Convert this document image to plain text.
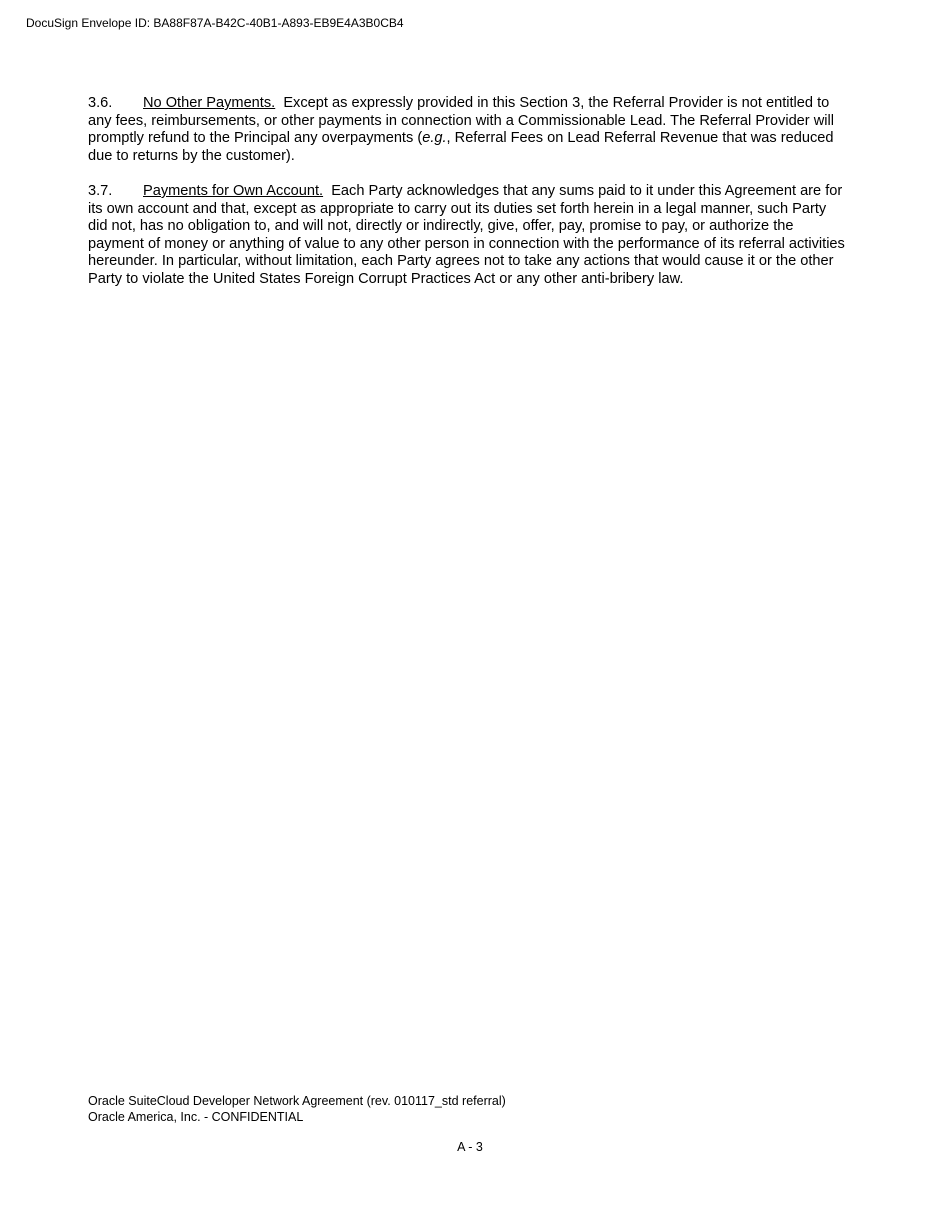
DocuSign Envelope ID: BA88F87A-B42C-40B1-A893-EB9E4A3B0CB4

3.6. No Other Payments. Except as expressly provided in this Section 3, the Referral Provider is not entitled to any fees, reimbursements, or other payments in connection with a Commissionable Lead. The Referral Provider will promptly refund to the Principal any overpayments (e.g., Referral Fees on Lead Referral Revenue that was reduced due to returns by the customer).

3.7. Payments for Own Account. Each Party acknowledges that any sums paid to it under this Agreement are for its own account and that, except as appropriate to carry out its duties set forth herein in a legal manner, such Party did not, has no obligation to, and will not, directly or indirectly, give, offer, pay, promise to pay, or authorize the payment of money or anything of value to any other person in connection with the performance of its referral activities hereunder. In particular, without limitation, each Party agrees not to take any actions that would cause it or the other Party to violate the United States Foreign Corrupt Practices Act or any other anti-bribery law.

Oracle SuiteCloud Developer Network Agreement (rev. 010117_std referral)
Oracle America, Inc. - CONFIDENTIAL
A - 3
